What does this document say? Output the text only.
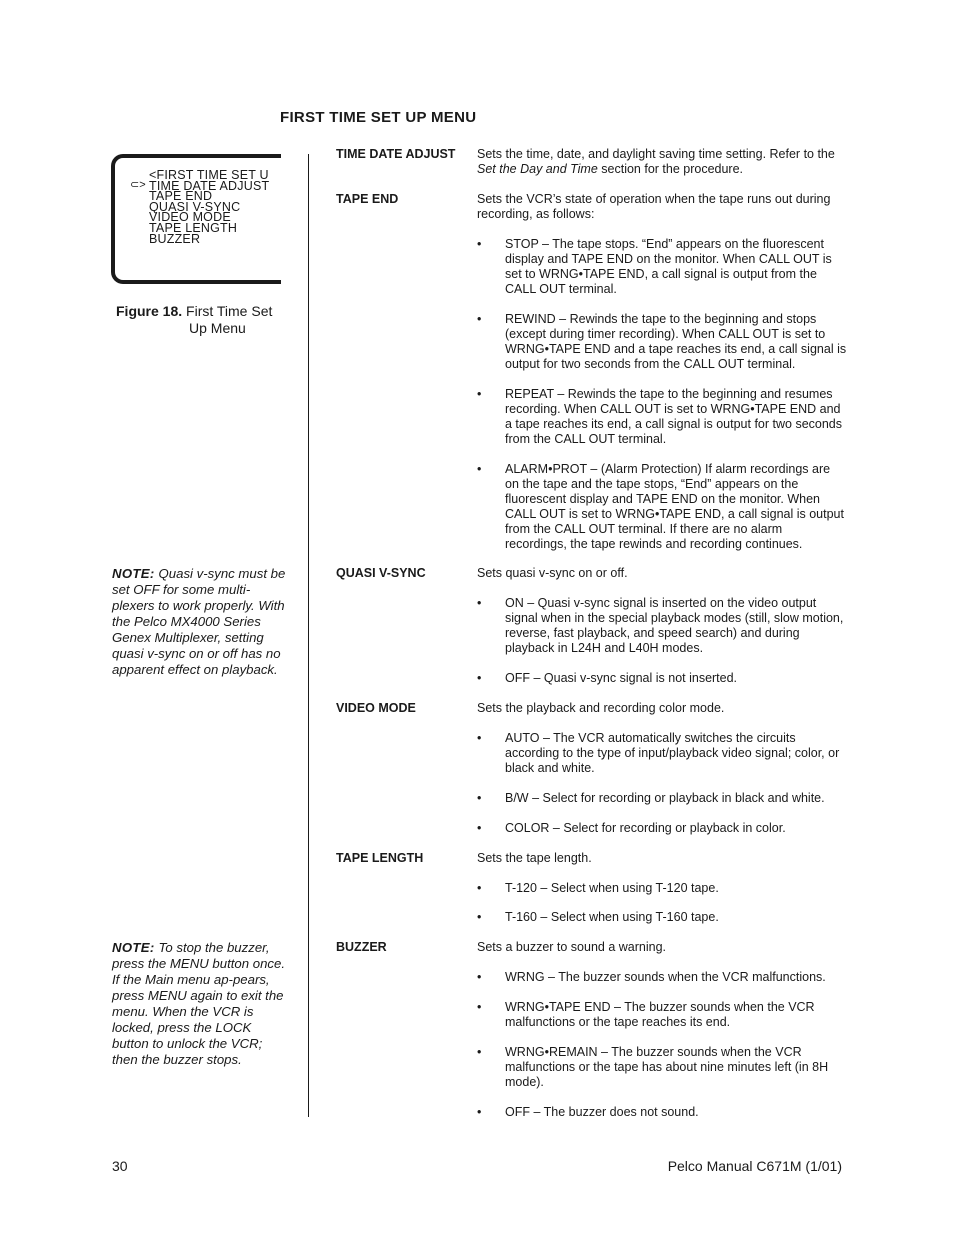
FIRST TIME SET UP MENU
⊂>
<FIRST TIME SET U
TIME DATE ADJUST
TAPE END
QUASI V-SYNC
VIDEO MODE
TAPE LENGTH
BUZZER
Figure 18. First Time Set
Up Menu
NOTE: Quasi v-sync must be set OFF for some multi-plexers to work properly. With the Pelco MX4000 Series Genex Multiplexer, setting quasi v-sync on or off has no apparent effect on playback.
NOTE: To stop the buzzer, press the MENU button once. If the Main menu ap-pears, press MENU again to exit the menu. When the VCR is locked, press the LOCK button to unlock the VCR; then the buzzer stops.
TIME DATE ADJUST Sets the time, date, and daylight saving time setting. Refer to the Set the Day and Time section for the procedure.
TAPE END	Sets the VCR’s state of operation when the tape runs out during recording, as follows:
• STOP – The tape stops. “End” appears on the fluorescent display and TAPE END on the monitor. When CALL OUT is set to WRNG•TAPE END, a call signal is output from the CALL OUT terminal.
• REWIND – Rewinds the tape to the beginning and stops (except during timer recording). When CALL OUT is set to WRNG•TAPE END and a tape reaches its end, a call signal is output for two seconds from the CALL OUT terminal.
• REPEAT – Rewinds the tape to the beginning and resumes recording. When CALL OUT is set to WRNG•TAPE END and a tape reaches its end, a call signal is output for two seconds from the CALL OUT terminal.
• ALARM•PROT – (Alarm Protection) If alarm recordings are on the tape and the tape stops, “End” appears on the fluorescent display and TAPE END on the monitor. When CALL OUT is set to WRNG•TAPE END, a call signal is output from the CALL OUT terminal. If there are no alarm recordings, the tape rewinds and recording continues.
QUASI V-SYNC	Sets quasi v-sync on or off.
• ON – Quasi v-sync signal is inserted on the video output signal when in the special playback modes (still, slow motion, reverse, fast playback, and speed search) and during playback in L24H and L40H modes.
• OFF – Quasi v-sync signal is not inserted.
VIDEO MODE	Sets the playback and recording color mode.
• AUTO – The VCR automatically switches the circuits according to the type of input/playback video signal; color, or black and white.
• B/W – Select for recording or playback in black and white.
• COLOR – Select for recording or playback in color.
TAPE LENGTH	Sets the tape length.
• T-120 – Select when using T-120 tape.
• T-160 – Select when using T-160 tape.
BUZZER	Sets a buzzer to sound a warning.
• WRNG – The buzzer sounds when the VCR malfunctions.
• WRNG•TAPE END – The buzzer sounds when the VCR malfunctions or the tape reaches its end.
• WRNG•REMAIN – The buzzer sounds when the VCR malfunctions or the tape has about nine minutes left (in 8H mode).
• OFF – The buzzer does not sound.
30	Pelco Manual C671M (1/01)
